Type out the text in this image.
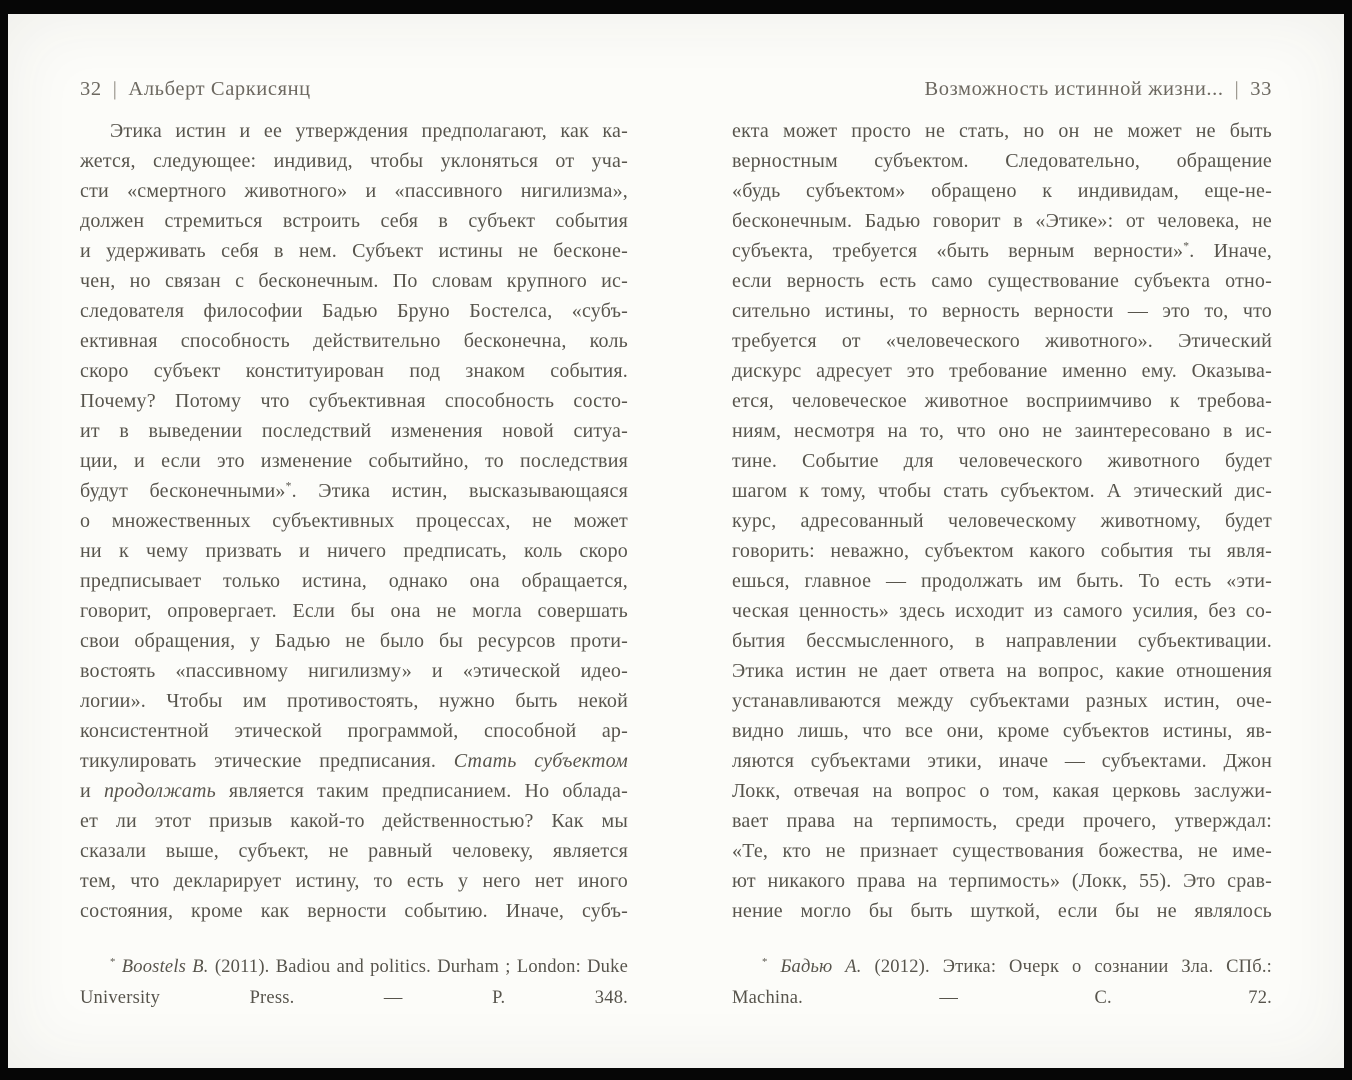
32 | Альберт Саркисянц
Этика истин и ее утверждения предполагают, как ка-
жется, следующее: индивид, чтобы уклоняться от уча-
сти «смертного животного» и «пассивного нигилизма»,
должен стремиться встроить себя в субъект события
и удерживать себя в нем. Субъект истины не бесконе-
чен, но связан с бесконечным. По словам крупного ис-
следователя философии Бадью Бруно Бостелса, «субъ-
ективная способность действительно бесконечна, коль
скоро субъект конституирован под знаком события.
Почему? Потому что субъективная способность состо-
ит в выведении последствий изменения новой ситуа-
ции, и если это изменение событийно, то последствия
будут бесконечными»*. Этика истин, высказывающаяся
о множественных субъективных процессах, не может
ни к чему призвать и ничего предписать, коль скоро
предписывает только истина, однако она обращается,
говорит, опровергает. Если бы она не могла совершать
свои обращения, у Бадью не было бы ресурсов проти-
востоять «пассивному нигилизму» и «этической идео-
логии». Чтобы им противостоять, нужно быть некой
консистентной этической программой, способной ар-
тикулировать этические предписания. Стать субъектом
и продолжать является таким предписанием. Но облада-
ет ли этот призыв какой-то действенностью? Как мы
сказали выше, субъект, не равный человеку, является
тем, что декларирует истину, то есть у него нет иного
состояния, кроме как верности событию. Иначе, субъ-
* Boostels B. (2011). Badiou and politics. Durham ; London: Duke
University Press. — P. 348.
Возможность истинной жизни... | 33
екта может просто не стать, но он не может не быть
верностным субъектом. Следовательно, обращение
«будь субъектом» обращено к индивидам, еще-не-
бесконечным. Бадью говорит в «Этике»: от человека, не
субъекта, требуется «быть верным верности»*. Иначе,
если верность есть само существование субъекта отно-
сительно истины, то верность верности — это то, что
требуется от «человеческого животного». Этический
дискурс адресует это требование именно ему. Оказыва-
ется, человеческое животное восприимчиво к требова-
ниям, несмотря на то, что оно не заинтересовано в ис-
тине. Событие для человеческого животного будет
шагом к тому, чтобы стать субъектом. А этический дис-
курс, адресованный человеческому животному, будет
говорить: неважно, субъектом какого события ты явля-
ешься, главное — продолжать им быть. То есть «эти-
ческая ценность» здесь исходит из самого усилия, без со-
бытия бессмысленного, в направлении субъективации.
Этика истин не дает ответа на вопрос, какие отношения
устанавливаются между субъектами разных истин, оче-
видно лишь, что все они, кроме субъектов истины, яв-
ляются субъектами этики, иначе — субъектами. Джон
Локк, отвечая на вопрос о том, какая церковь заслужи-
вает права на терпимость, среди прочего, утверждал:
«Те, кто не признает существования божества, не име-
ют никакого права на терпимость» (Локк, 55). Это срав-
нение могло бы быть шуткой, если бы не являлось
* Бадью А. (2012). Этика: Очерк о сознании Зла. СПб.:
Machina. — С. 72.
